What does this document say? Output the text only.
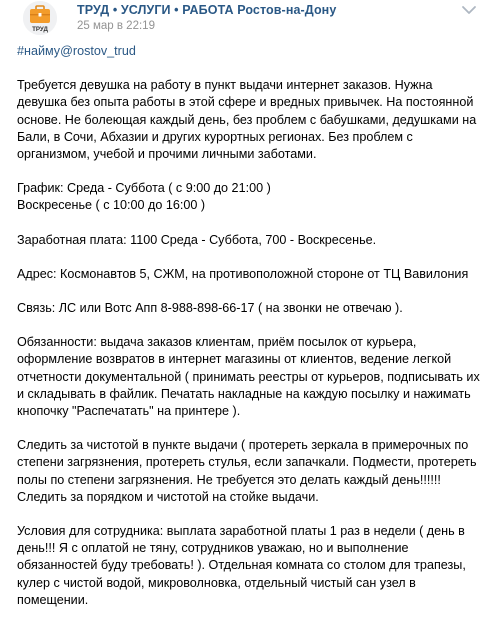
ТРУД
ТРУД • УСЛУГИ • РАБОТА Ростов-на-Дону
25 мар в 22:19
#найму@rostov_trud

Требуется девушка на работу в пункт выдачи интернет заказов. Нужна девушка без опыта работы в этой сфере и вредных привычек. На постоянной основе. Не болеющая каждый день, без проблем с бабушками, дедушками на Бали, в Сочи, Абхазии и других курортных регионах. Без проблем с организмом, учебой и прочими личными заботами.

График: Среда - Суббота ( с 9:00 до 21:00 )
Воскресенье ( с 10:00 до 16:00 )

Заработная плата: 1100 Среда - Суббота, 700 - Воскресенье.

Адрес: Космонавтов 5, СЖМ, на противоположной стороне от ТЦ Вавилония

Связь: ЛС или Вотс Апп 8-988-898-66-17 ( на звонки не отвечаю ).

Обязанности: выдача заказов клиентам, приём посылок от курьера, оформление возвратов в интернет магазины от клиентов, ведение легкой отчетности документальной ( принимать реестры от курьеров, подписывать их и складывать в файлик. Печатать накладные на каждую посылку и нажимать кнопочку "Распечатать" на принтере ).

Следить за чистотой в пункте выдачи ( протереть зеркала в примерочных по степени загрязнения, протереть стулья, если запачкали. Подмести, протереть полы по степени загрязнения. Не требуется это делать каждый день!!!!!! Следить за порядком и чистотой на стойке выдачи.

Условия для сотрудника: выплата заработной платы 1 раз в недели ( день в день!!! Я с оплатой не тяну, сотрудников уважаю, но и выполнение обязанностей буду требовать! ). Отдельная комната со столом для трапезы, кулер с чистой водой, микроволновка, отдельный чистый сан узел в помещении.
